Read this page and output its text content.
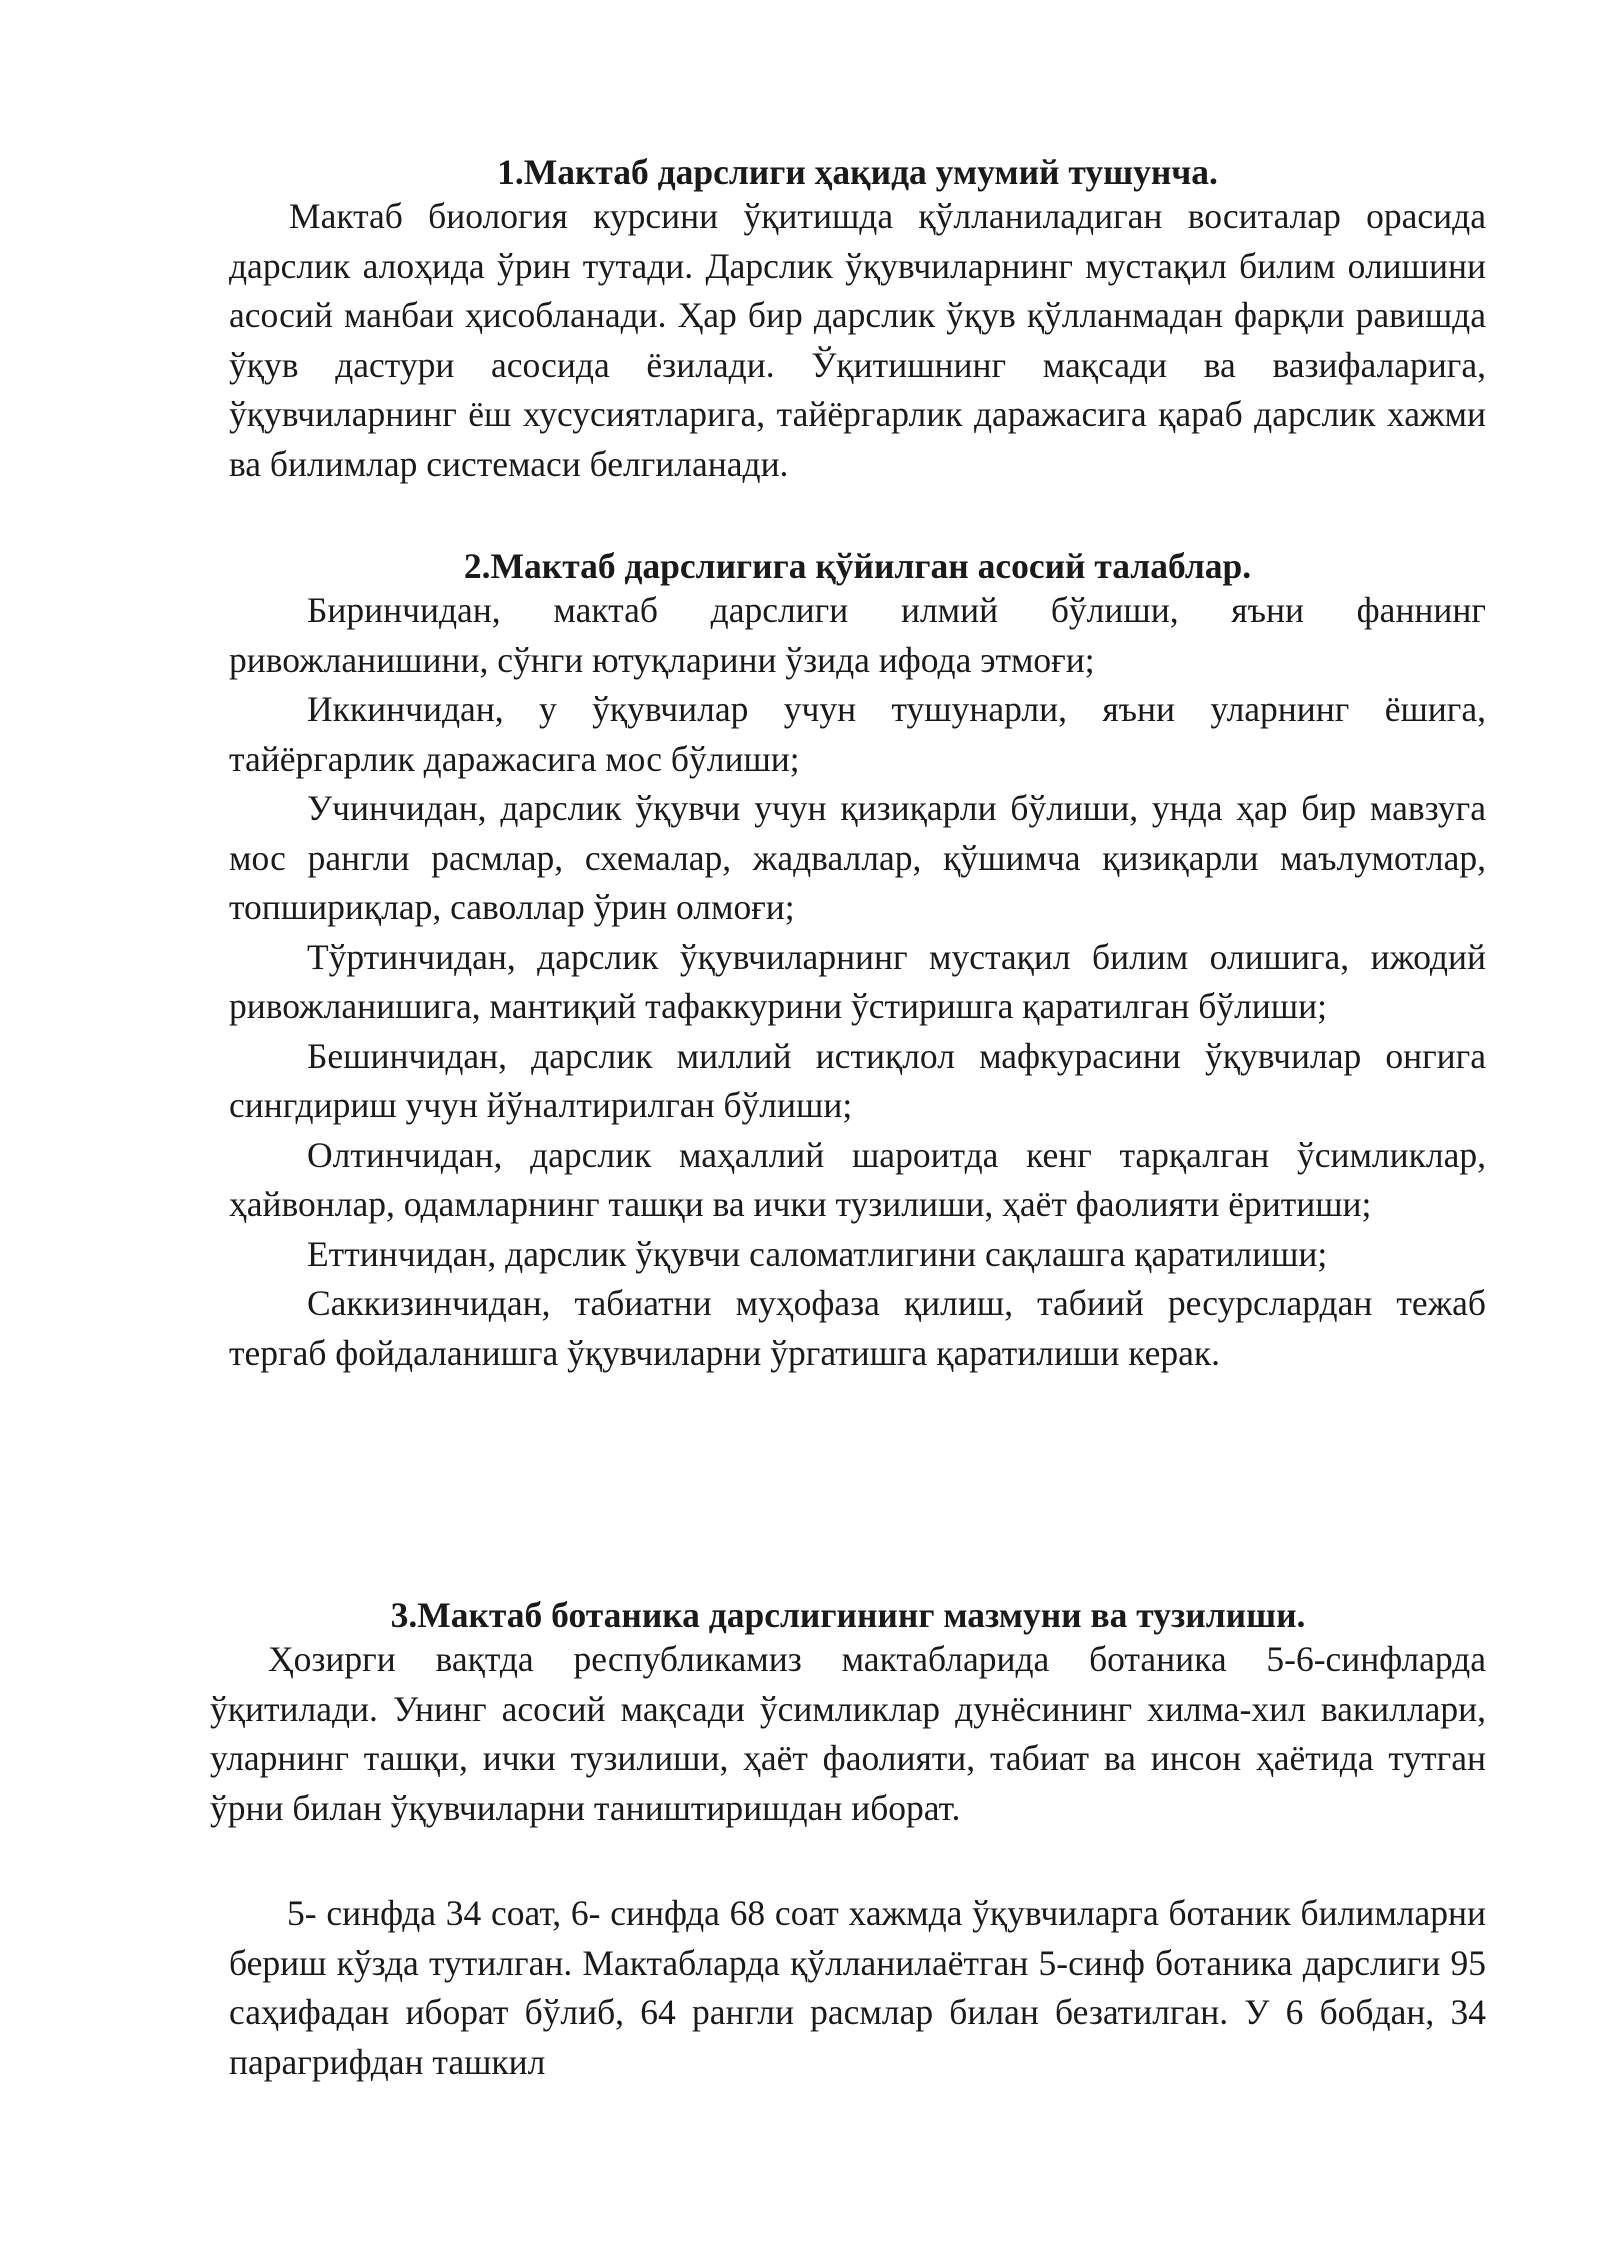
1.Мактаб дарслиги ҳақида умумий тушунча.
Мактаб биология курсини ўқитишда қўлланиладиган воситалар орасида дарслик алоҳида ўрин тутади. Дарслик ўқувчиларнинг мустақил билим олишини асосий манбаи ҳисобланади. Ҳар бир дарслик ўқув қўлланмадан фарқли равишда ўқув дастури асосида ёзилади. Ўқитишнинг мақсади ва вазифаларига, ўқувчиларнинг ёш хусусиятларига, тайёргарлик даражасига қараб дарслик хажми ва билимлар системаси белгиланади.
2.Мактаб дарслигига қўйилган асосий талаблар.
Биринчидан, мактаб дарслиги илмий бўлиши, яъни фаннинг ривожланишини, сўнги ютуқларини ўзида ифода этмоғи;
Иккинчидан, у ўқувчилар учун тушунарли, яъни уларнинг ёшига, тайёргарлик даражасига мос бўлиши;
Учинчидан, дарслик ўқувчи учун қизиқарли бўлиши, унда ҳар бир мавзуга мос рангли расмлар, схемалар, жадваллар, қўшимча қизиқарли маълумотлар, топшириқлар, саволлар ўрин олмоғи;
Тўртинчидан, дарслик ўқувчиларнинг мустақил билим олишига, ижодий ривожланишига, мантиқий тафаккурини ўстиришга қаратилган бўлиши;
Бешинчидан, дарслик миллий истиқлол мафкурасини ўқувчилар онгига сингдириш учун йўналтирилган бўлиши;
Олтинчидан, дарслик маҳаллий шароитда кенг тарқалган ўсимликлар, ҳайвонлар, одамларнинг ташқи ва ички тузилиши, ҳаёт фаолияти ёритиши;
Еттинчидан, дарслик ўқувчи саломатлигини сақлашга қаратилиши;
Саккизинчидан, табиатни муҳофаза қилиш, табиий ресурслардан тежаб тергаб фойдаланишга ўқувчиларни ўргатишга қаратилиши керак.
3.Мактаб ботаника дарслигининг мазмуни ва тузилиши.
Ҳозирги вақтда республикамиз мактабларида ботаника 5-6-синфларда ўқитилади. Унинг асосий мақсади ўсимликлар дунёсининг хилма-хил вакиллари, уларнинг ташқи, ички тузилиши, ҳаёт фаолияти, табиат ва инсон ҳаётида тутган ўрни билан ўқувчиларни таништиришдан иборат.
5- синфда 34 соат, 6- синфда 68 соат хажмда ўқувчиларга ботаник билимларни бериш кўзда тутилган. Мактабларда қўлланилаётган 5-синф ботаника дарслиги 95 саҳифадан иборат бўлиб, 64 рангли расмлар билан безатилган. У 6 бобдан, 34 парагрифдан ташкил
